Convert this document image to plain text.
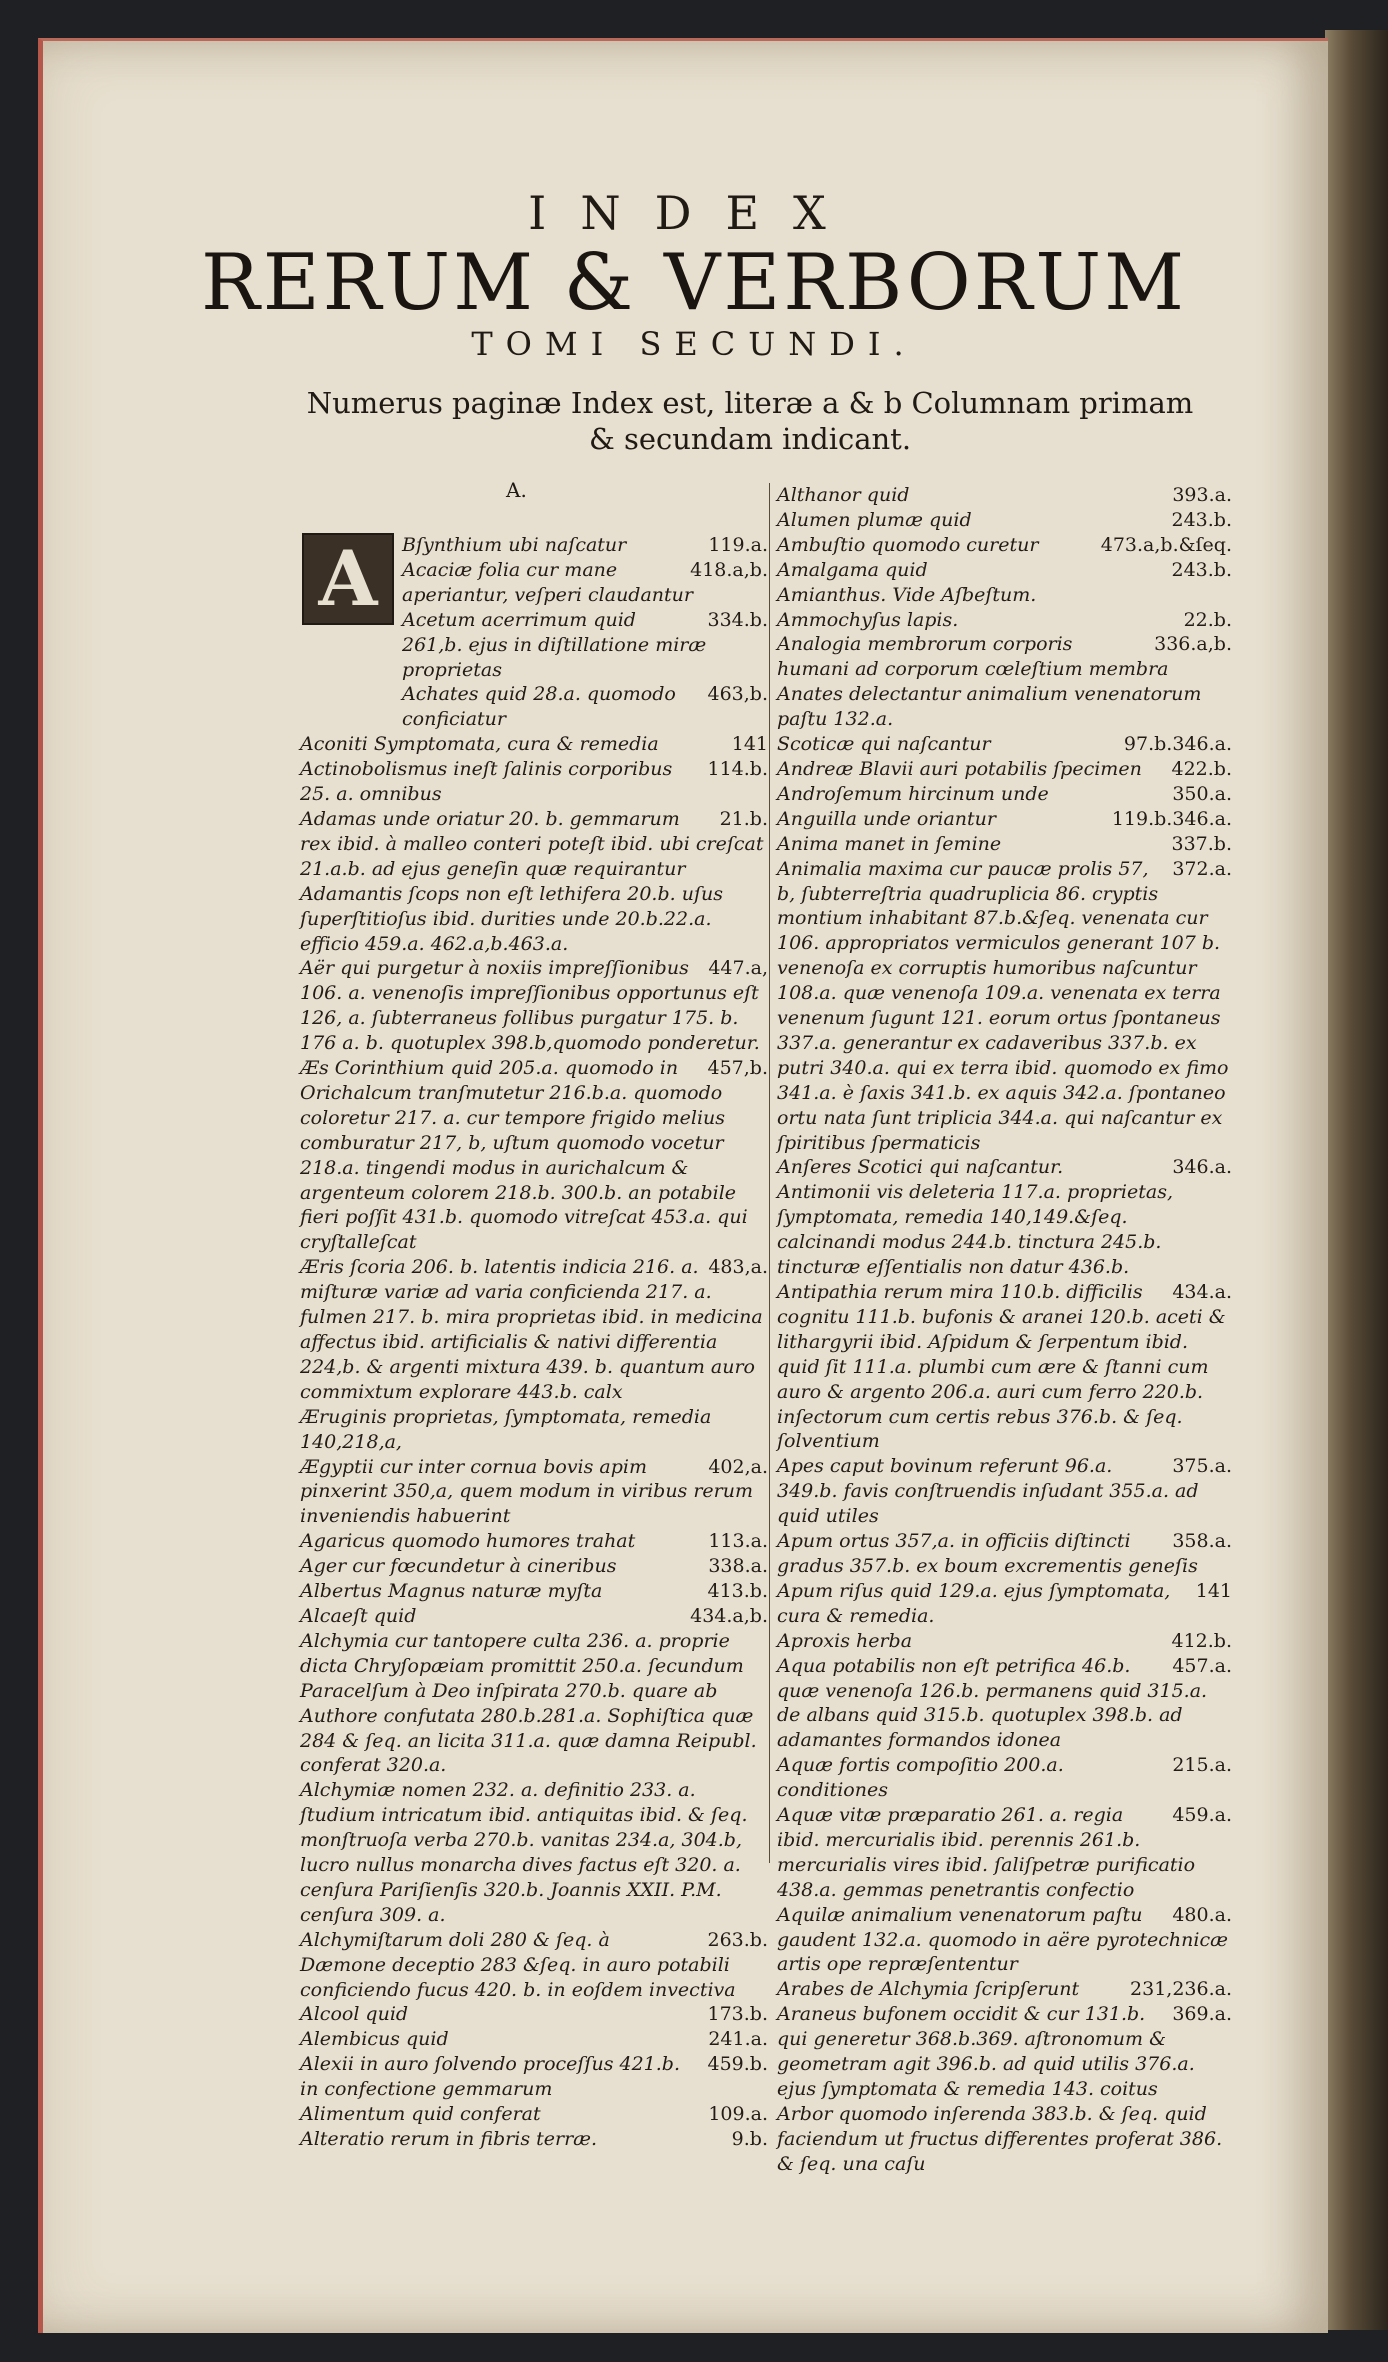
INDEX
RERUM & VERBORUM
TOMI SECUNDI.
Numerus paginæ Index est, literæ a & b Columnam primam & secundam indicant.
A.
A	119.a.
Bſynthium ubi naſcatur
418.a,b.
Acaciæ folia cur mane aperiantur, veſperi claudantur
334.b.
Acetum acerrimum quid 261,b. ejus in diſtillatione miræ proprietas
463,b.
Achates quid 28.a. quomodo conficiatur
141
Aconiti Symptomata, cura & remedia
114.b.
Actinobolismus ineſt ſalinis corporibus 25. a. omnibus
21.b.
Adamas unde oriatur 20. b. gemmarum rex ibid. à malleo conteri poteſt ibid. ubi creſcat 21.a.b. ad ejus geneſin quæ requirantur
Adamantis ſcops non eſt lethifera 20.b. uſus ſuperſtitioſus ibid. durities unde 20.b.22.a. efficio 459.a. 462.a,b.463.a.
447.a,
Aër qui purgetur à noxiis impreſſionibus 106. a. venenoſis impreſſionibus opportunus eſt 126, a. ſubterraneus follibus purgatur 175. b. 176 a. b. quotuplex 398.b,quomodo ponderetur.
457,b.
Æs Corinthium quid 205.a. quomodo in Orichalcum tranſmutetur 216.b.a. quomodo coloretur 217. a. cur tempore frigido melius comburatur 217, b, uſtum quomodo vocetur 218.a. tingendi modus in aurichalcum & argenteum colorem 218.b. 300.b. an potabile fieri poſſit 431.b. quomodo vitreſcat 453.a. qui cryſtalleſcat
483,a.
Æris ſcoria 206. b. latentis indicia 216. a. miſturæ variæ ad varia conficienda 217. a. fulmen 217. b. mira proprietas ibid. in medicina affectus ibid. artificialis & nativi differentia 224,b. & argenti mixtura 439. b. quantum auro commixtum explorare 443.b. calx
Æruginis proprietas, ſymptomata, remedia 140,218,a,
402,a.
Ægyptii cur inter cornua bovis apim pinxerint 350,a, quem modum in viribus rerum inveniendis habuerint
113.a.
Agaricus quomodo humores trahat
338.a.
Ager cur fœcundetur à cineribus
413.b.
Albertus Magnus naturæ myſta
434.a,b.
Alcaeſt quid
Alchymia cur tantopere culta 236. a. proprie dicta Chryſopæiam promittit 250.a. ſecundum Paracelſum à Deo inſpirata 270.b. quare ab Authore confutata 280.b.281.a. Sophiſtica quæ 284 & ſeq. an licita 311.a. quæ damna Reipubl. conferat 320.a.
Alchymiæ nomen 232. a. definitio 233. a. ſtudium intricatum ibid. antiquitas ibid. & ſeq. monſtruoſa verba 270.b. vanitas 234.a, 304.b, lucro nullus monarcha dives factus eſt 320. a. cenſura Pariſienſis 320.b. Joannis XXII. P.M. cenſura 309. a.
263.b.
Alchymiſtarum doli 280 & ſeq. à Dæmone deceptio 283 &ſeq. in auro potabili conficiendo fucus 420. b. in eoſdem invectiva
173.b.
Alcool quid
241.a.
Alembicus quid
459.b.
Alexii in auro ſolvendo proceſſus 421.b. in confectione gemmarum
109.a.
Alimentum quid conferat
9.b.
Alteratio rerum in fibris terræ.
393.a.
Althanor quid
243.b.
Alumen plumæ quid
473.a,b.&ſeq.
Ambuſtio quomodo curetur
243.b.
Amalgama quid
Amianthus. Vide Aſbeſtum.
22.b.
Ammochyſus lapis.
336.a,b.
Analogia membrorum corporis humani ad corporum cœleſtium membra
Anates delectantur animalium venenatorum paſtu 132.a.
97.b.346.a.
Scoticæ qui naſcantur
422.b.
Andreæ Blavii auri potabilis ſpecimen
350.a.
Androſemum hircinum unde
119.b.346.a.
Anguilla unde oriantur
337.b.
Anima manet in ſemine
372.a.
Animalia maxima cur paucæ prolis 57, b, ſubterreſtria quadruplicia 86. cryptis montium inhabitant 87.b.&ſeq. venenata cur 106. appropriatos vermiculos generant 107 b. venenoſa ex corruptis humoribus naſcuntur 108.a. quæ venenoſa 109.a. venenata ex terra venenum ſugunt 121. eorum ortus ſpontaneus 337.a. generantur ex cadaveribus 337.b. ex putri 340.a. qui ex terra ibid. quomodo ex fimo 341.a. è ſaxis 341.b. ex aquis 342.a. ſpontaneo ortu nata ſunt triplicia 344.a. qui naſcantur ex ſpiritibus ſpermaticis
346.a.
Anſeres Scotici qui naſcantur.
Antimonii vis deleteria 117.a. proprietas, ſymptomata, remedia 140,149.&ſeq. calcinandi modus 244.b. tinctura 245.b. tincturæ eſſentialis non datur 436.b.
434.a.
Antipathia rerum mira 110.b. difficilis cognitu 111.b. bufonis & aranei 120.b. aceti & lithargyrii ibid. Aſpidum & ſerpentum ibid. quid ſit 111.a. plumbi cum ære & ſtanni cum auro & argento 206.a. auri cum ferro 220.b. inſectorum cum certis rebus 376.b. & ſeq. ſolventium
375.a.
Apes caput bovinum referunt 96.a. 349.b. favis conſtruendis inſudant 355.a. ad quid utiles
358.a.
Apum ortus 357,a. in officiis diſtincti gradus 357.b. ex boum excrementis geneſis
141
Apum riſus quid 129.a. ejus ſymptomata, cura & remedia.
412.b.
Aproxis herba
457.a.
Aqua potabilis non eſt petrifica 46.b. quæ venenoſa 126.b. permanens quid 315.a. de albans quid 315.b. quotuplex 398.b. ad adamantes formandos idonea
215.a.
Aquæ fortis compoſitio 200.a. conditiones
459.a.
Aquæ vitæ præparatio 261. a. regia ibid. mercurialis ibid. perennis 261.b. mercurialis vires ibid. ſaliſpetræ purificatio 438.a. gemmas penetrantis confectio
480.a.
Aquilæ animalium venenatorum paſtu gaudent 132.a. quomodo in aëre pyrotechnicæ artis ope repræſententur
231,236.a.
Arabes de Alchymia ſcripſerunt
369.a.
Araneus bufonem occidit & cur 131.b. qui generetur 368.b.369. aſtronomum & geometram agit 396.b. ad quid utilis 376.a. ejus ſymptomata & remedia 143. coitus
Arbor quomodo inſerenda 383.b. & ſeq. quid faciendum ut fructus differentes proferat 386. & ſeq. una caſu
